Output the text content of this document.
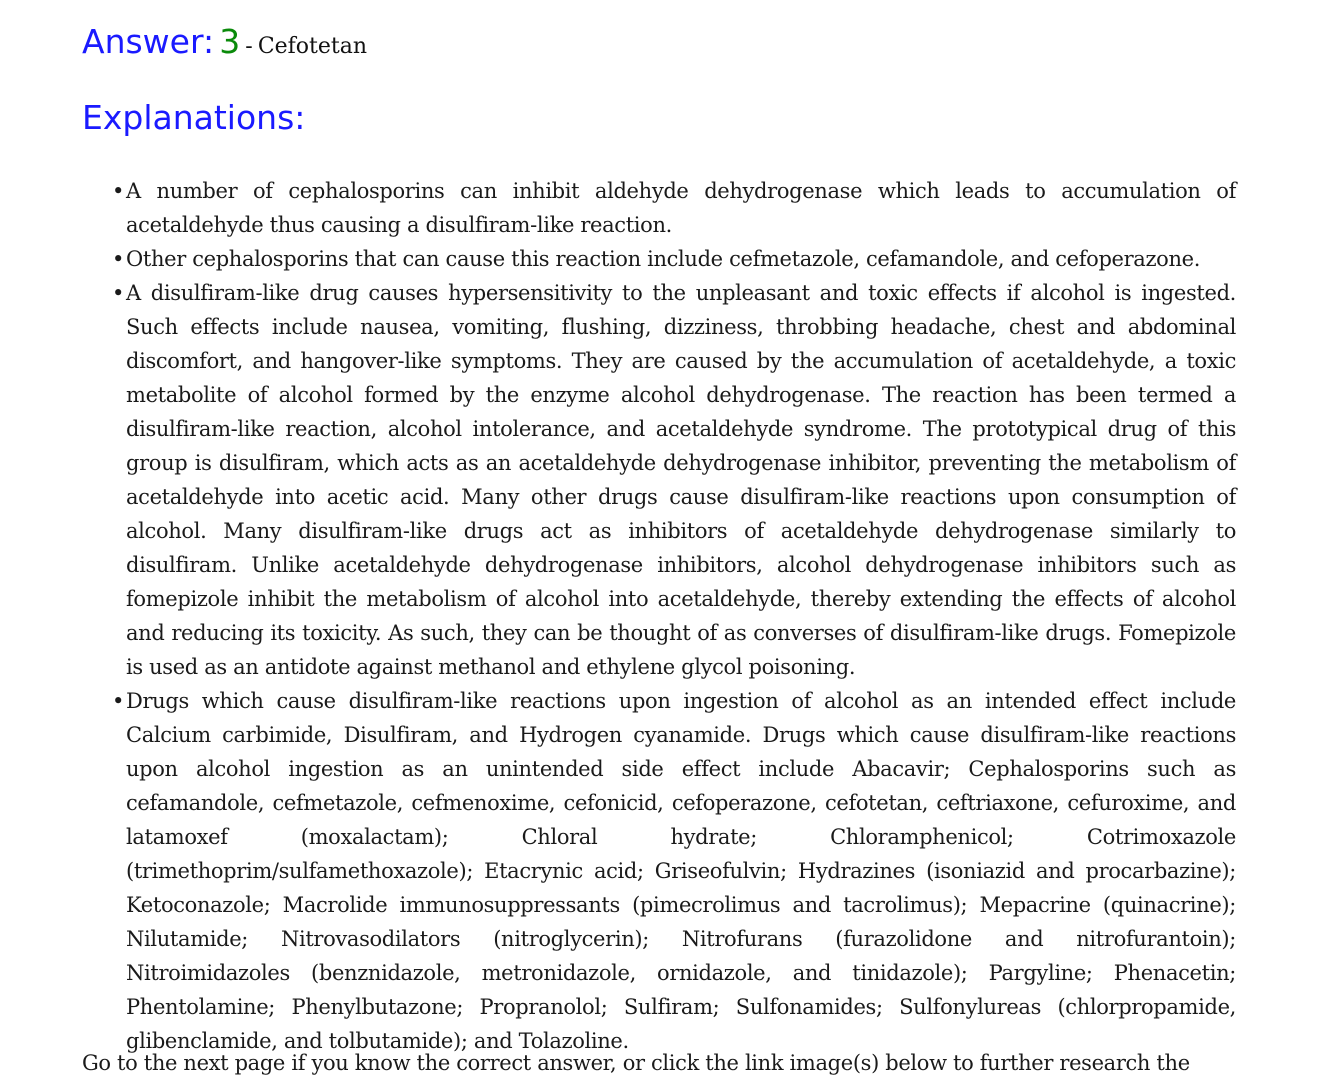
Answer: 3 - Cefotetan
Explanations:
• A number of cephalosporins can inhibit aldehyde dehydrogenase which leads to accumulation of acetaldehyde thus causing a disulfiram-like reaction.
• Other cephalosporins that can cause this reaction include cefmetazole, cefamandole, and cefoperazone.
• A disulfiram-like drug causes hypersensitivity to the unpleasant and toxic effects if alcohol is ingested. Such effects include nausea, vomiting, flushing, dizziness, throbbing headache, chest and abdominal discomfort, and hangover-like symptoms. They are caused by the accumulation of acetaldehyde, a toxic metabolite of alcohol formed by the enzyme alcohol dehydrogenase. The reaction has been termed a disulfiram-like reaction, alcohol intolerance, and acetaldehyde syndrome. The prototypical drug of this group is disulfiram, which acts as an acetaldehyde dehydrogenase inhibitor, preventing the metabolism of acetaldehyde into acetic acid. Many other drugs cause disulfiram-like reactions upon consumption of alcohol. Many disulfiram-like drugs act as inhibitors of acetaldehyde dehydrogenase similarly to disulfiram. Unlike acetaldehyde dehydrogenase inhibitors, alcohol dehydrogenase inhibitors such as fomepizole inhibit the metabolism of alcohol into acetaldehyde, thereby extending the effects of alcohol and reducing its toxicity. As such, they can be thought of as converses of disulfiram-like drugs. Fomepizole is used as an antidote against methanol and ethylene glycol poisoning.
• Drugs which cause disulfiram-like reactions upon ingestion of alcohol as an intended effect include Calcium carbimide, Disulfiram, and Hydrogen cyanamide. Drugs which cause disulfiram-like reactions upon alcohol ingestion as an unintended side effect include Abacavir; Cephalosporins such as cefamandole, cefmetazole, cefmenoxime, cefonicid, cefoperazone, cefotetan, ceftriaxone, cefuroxime, and latamoxef (moxalactam); Chloral hydrate; Chloramphenicol; Cotrimoxazole (trimethoprim/sulfamethoxazole); Etacrynic acid; Griseofulvin; Hydrazines (isoniazid and procarbazine); Ketoconazole; Macrolide immunosuppressants (pimecrolimus and tacrolimus); Mepacrine (quinacrine); Nilutamide; Nitrovasodilators (nitroglycerin); Nitrofurans (furazolidone and nitrofurantoin); Nitroimidazoles (benznidazole, metronidazole, ornidazole, and tinidazole); Pargyline; Phenacetin; Phentolamine; Phenylbutazone; Propranolol; Sulfiram; Sulfonamides; Sulfonylureas (chlorpropamide, glibenclamide, and tolbutamide); and Tolazoline.
Go to the next page if you know the correct answer, or click the link image(s) below to further research the
